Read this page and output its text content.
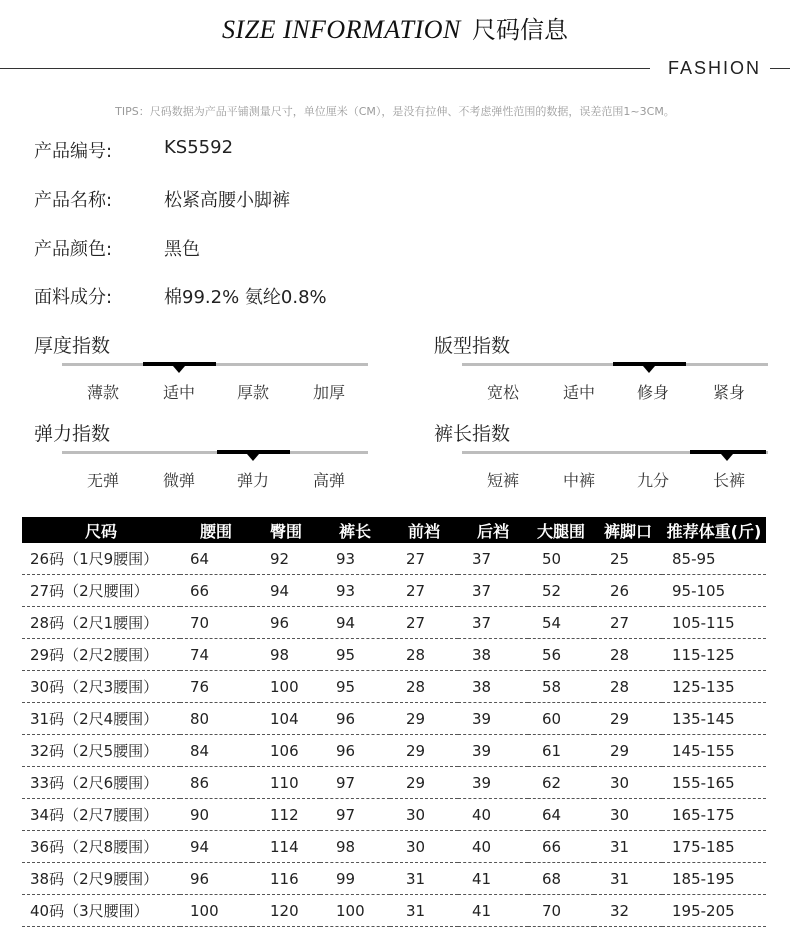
SIZE INFORMATION 尺码信息
FASHION
TIPS：尺码数据为产品平铺测量尺寸，单位厘米（CM），是没有拉伸、不考虑弹性范围的数据，误差范围1~3CM。
产品编号:	KS5592
产品名称:	松紧高腰小脚裤
产品颜色:	黑色
面料成分:	棉99.2% 氨纶0.8%
厚度指数
薄款	适中	厚款	加厚
版型指数
宽松	适中	修身	紧身
弹力指数
无弹	微弹	弹力	高弹
裤长指数
短裤	中裤	九分	长裤
尺码	腰围	臀围	裤长	前裆	后裆	大腿围	裤脚口	推荐体重(斤)
26码（1尺9腰围）	64	92	93	27	37	50	25	85-95
27码（2尺腰围）	66	94	93	27	37	52	26	95-105
28码（2尺1腰围）	70	96	94	27	37	54	27	105-115
29码（2尺2腰围）	74	98	95	28	38	56	28	115-125
30码（2尺3腰围）	76	100	95	28	38	58	28	125-135
31码（2尺4腰围）	80	104	96	29	39	60	29	135-145
32码（2尺5腰围）	84	106	96	29	39	61	29	145-155
33码（2尺6腰围）	86	110	97	29	39	62	30	155-165
34码（2尺7腰围）	90	112	97	30	40	64	30	165-175
36码（2尺8腰围）	94	114	98	30	40	66	31	175-185
38码（2尺9腰围）	96	116	99	31	41	68	31	185-195
40码（3尺腰围）	100	120	100	31	41	70	32	195-205
